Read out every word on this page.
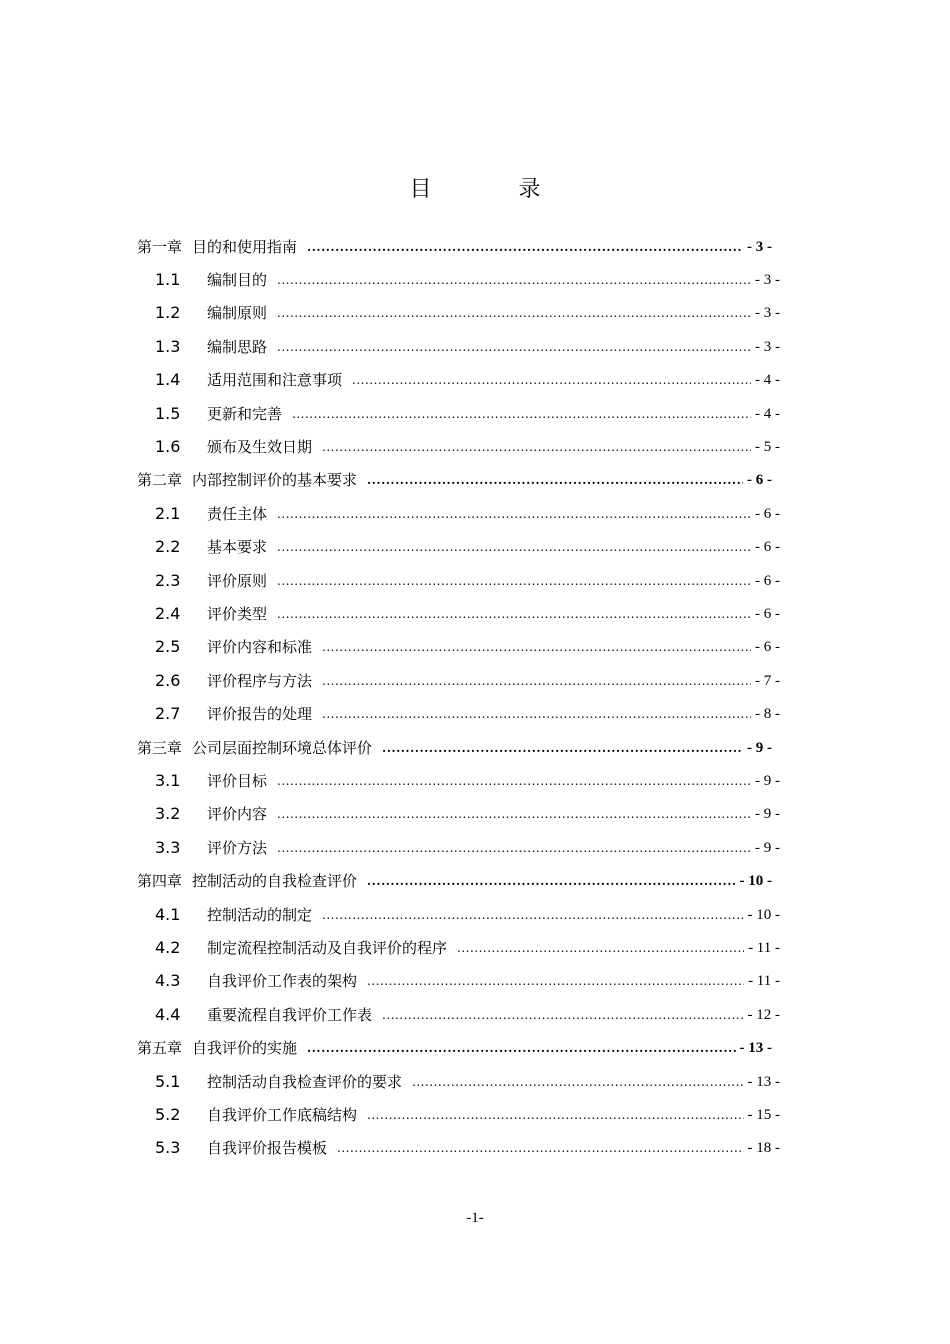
目 录
第一章 目的和使用指南 .....	- 3 -
1.1	编制目的 .....	- 3 -
1.2	编制原则 .....	- 3 -
1.3	编制思路 .....	- 3 -
1.4	适用范围和注意事项 .....	- 4 -
1.5	更新和完善 .....	- 4 -
1.6	颁布及生效日期 .....	- 5 -
第二章 内部控制评价的基本要求 .....	- 6 -
2.1	责任主体 .....	- 6 -
2.2	基本要求 .....	- 6 -
2.3	评价原则 .....	- 6 -
2.4	评价类型 .....	- 6 -
2.5	评价内容和标准 .....	- 6 -
2.6	评价程序与方法 .....	- 7 -
2.7	评价报告的处理 .....	- 8 -
第三章 公司层面控制环境总体评价 .....	- 9 -
3.1	评价目标 .....	- 9 -
3.2	评价内容 .....	- 9 -
3.3	评价方法 .....	- 9 -
第四章 控制活动的自我检查评价 .....	- 10 -
4.1	控制活动的制定 .....	- 10 -
4.2	制定流程控制活动及自我评价的程序 .....	- 11 -
4.3	自我评价工作表的架构 .....	- 11 -
4.4	重要流程自我评价工作表 .....	- 12 -
第五章 自我评价的实施 .....	- 13 -
5.1	控制活动自我检查评价的要求 .....	- 13 -
5.2	自我评价工作底稿结构 .....	- 15 -
5.3	自我评价报告模板 .....	- 18 -
-1-
